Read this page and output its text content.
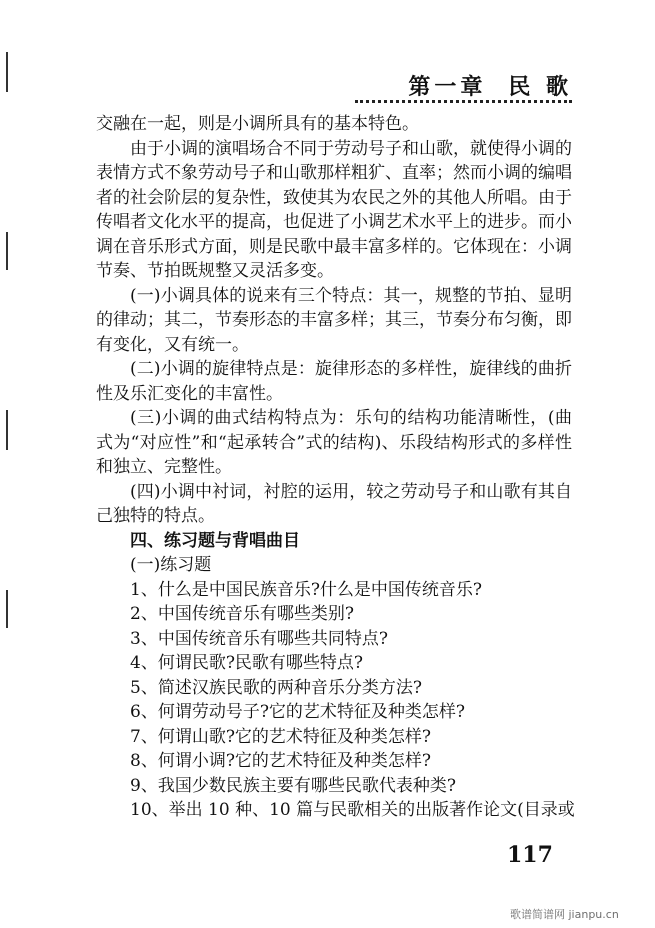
第一章 民 歌

交融在一起，则是小调所具有的基本特色。

由于小调的演唱场合不同于劳动号子和山歌，就使得小调的表情方式不象劳动号子和山歌那样粗犷、直率；然而小调的编唱者的社会阶层的复杂性，致使其为农民之外的其他人所唱。由于传唱者文化水平的提高，也促进了小调艺术水平上的进步。而小调在音乐形式方面，则是民歌中最丰富多样的。它体现在：小调节奏、节拍既规整又灵活多变。

(一)小调具体的说来有三个特点：其一，规整的节拍、显明的律动；其二，节奏形态的丰富多样；其三，节奏分布匀衡，即有变化，又有统一。

(二)小调的旋律特点是：旋律形态的多样性，旋律线的曲折性及乐汇变化的丰富性。

(三)小调的曲式结构特点为：乐句的结构功能清晰性，(曲式为“对应性”和“起承转合”式的结构)、乐段结构形式的多样性和独立、完整性。

(四)小调中衬词，衬腔的运用，较之劳动号子和山歌有其自己独特的特点。

四、练习题与背唱曲目

(一)练习题

1、什么是中国民族音乐?什么是中国传统音乐?

2、中国传统音乐有哪些类别?

3、中国传统音乐有哪些共同特点?

4、何谓民歌?民歌有哪些特点?

5、简述汉族民歌的两种音乐分类方法?

6、何谓劳动号子?它的艺术特征及种类怎样?

7、何谓山歌?它的艺术特征及种类怎样?

8、何谓小调?它的艺术特征及种类怎样?

9、我国少数民族主要有哪些民歌代表种类?

10、举出 10 种、10 篇与民歌相关的出版著作论文(目录或

117
歌谱简谱网 jianpu.cn
